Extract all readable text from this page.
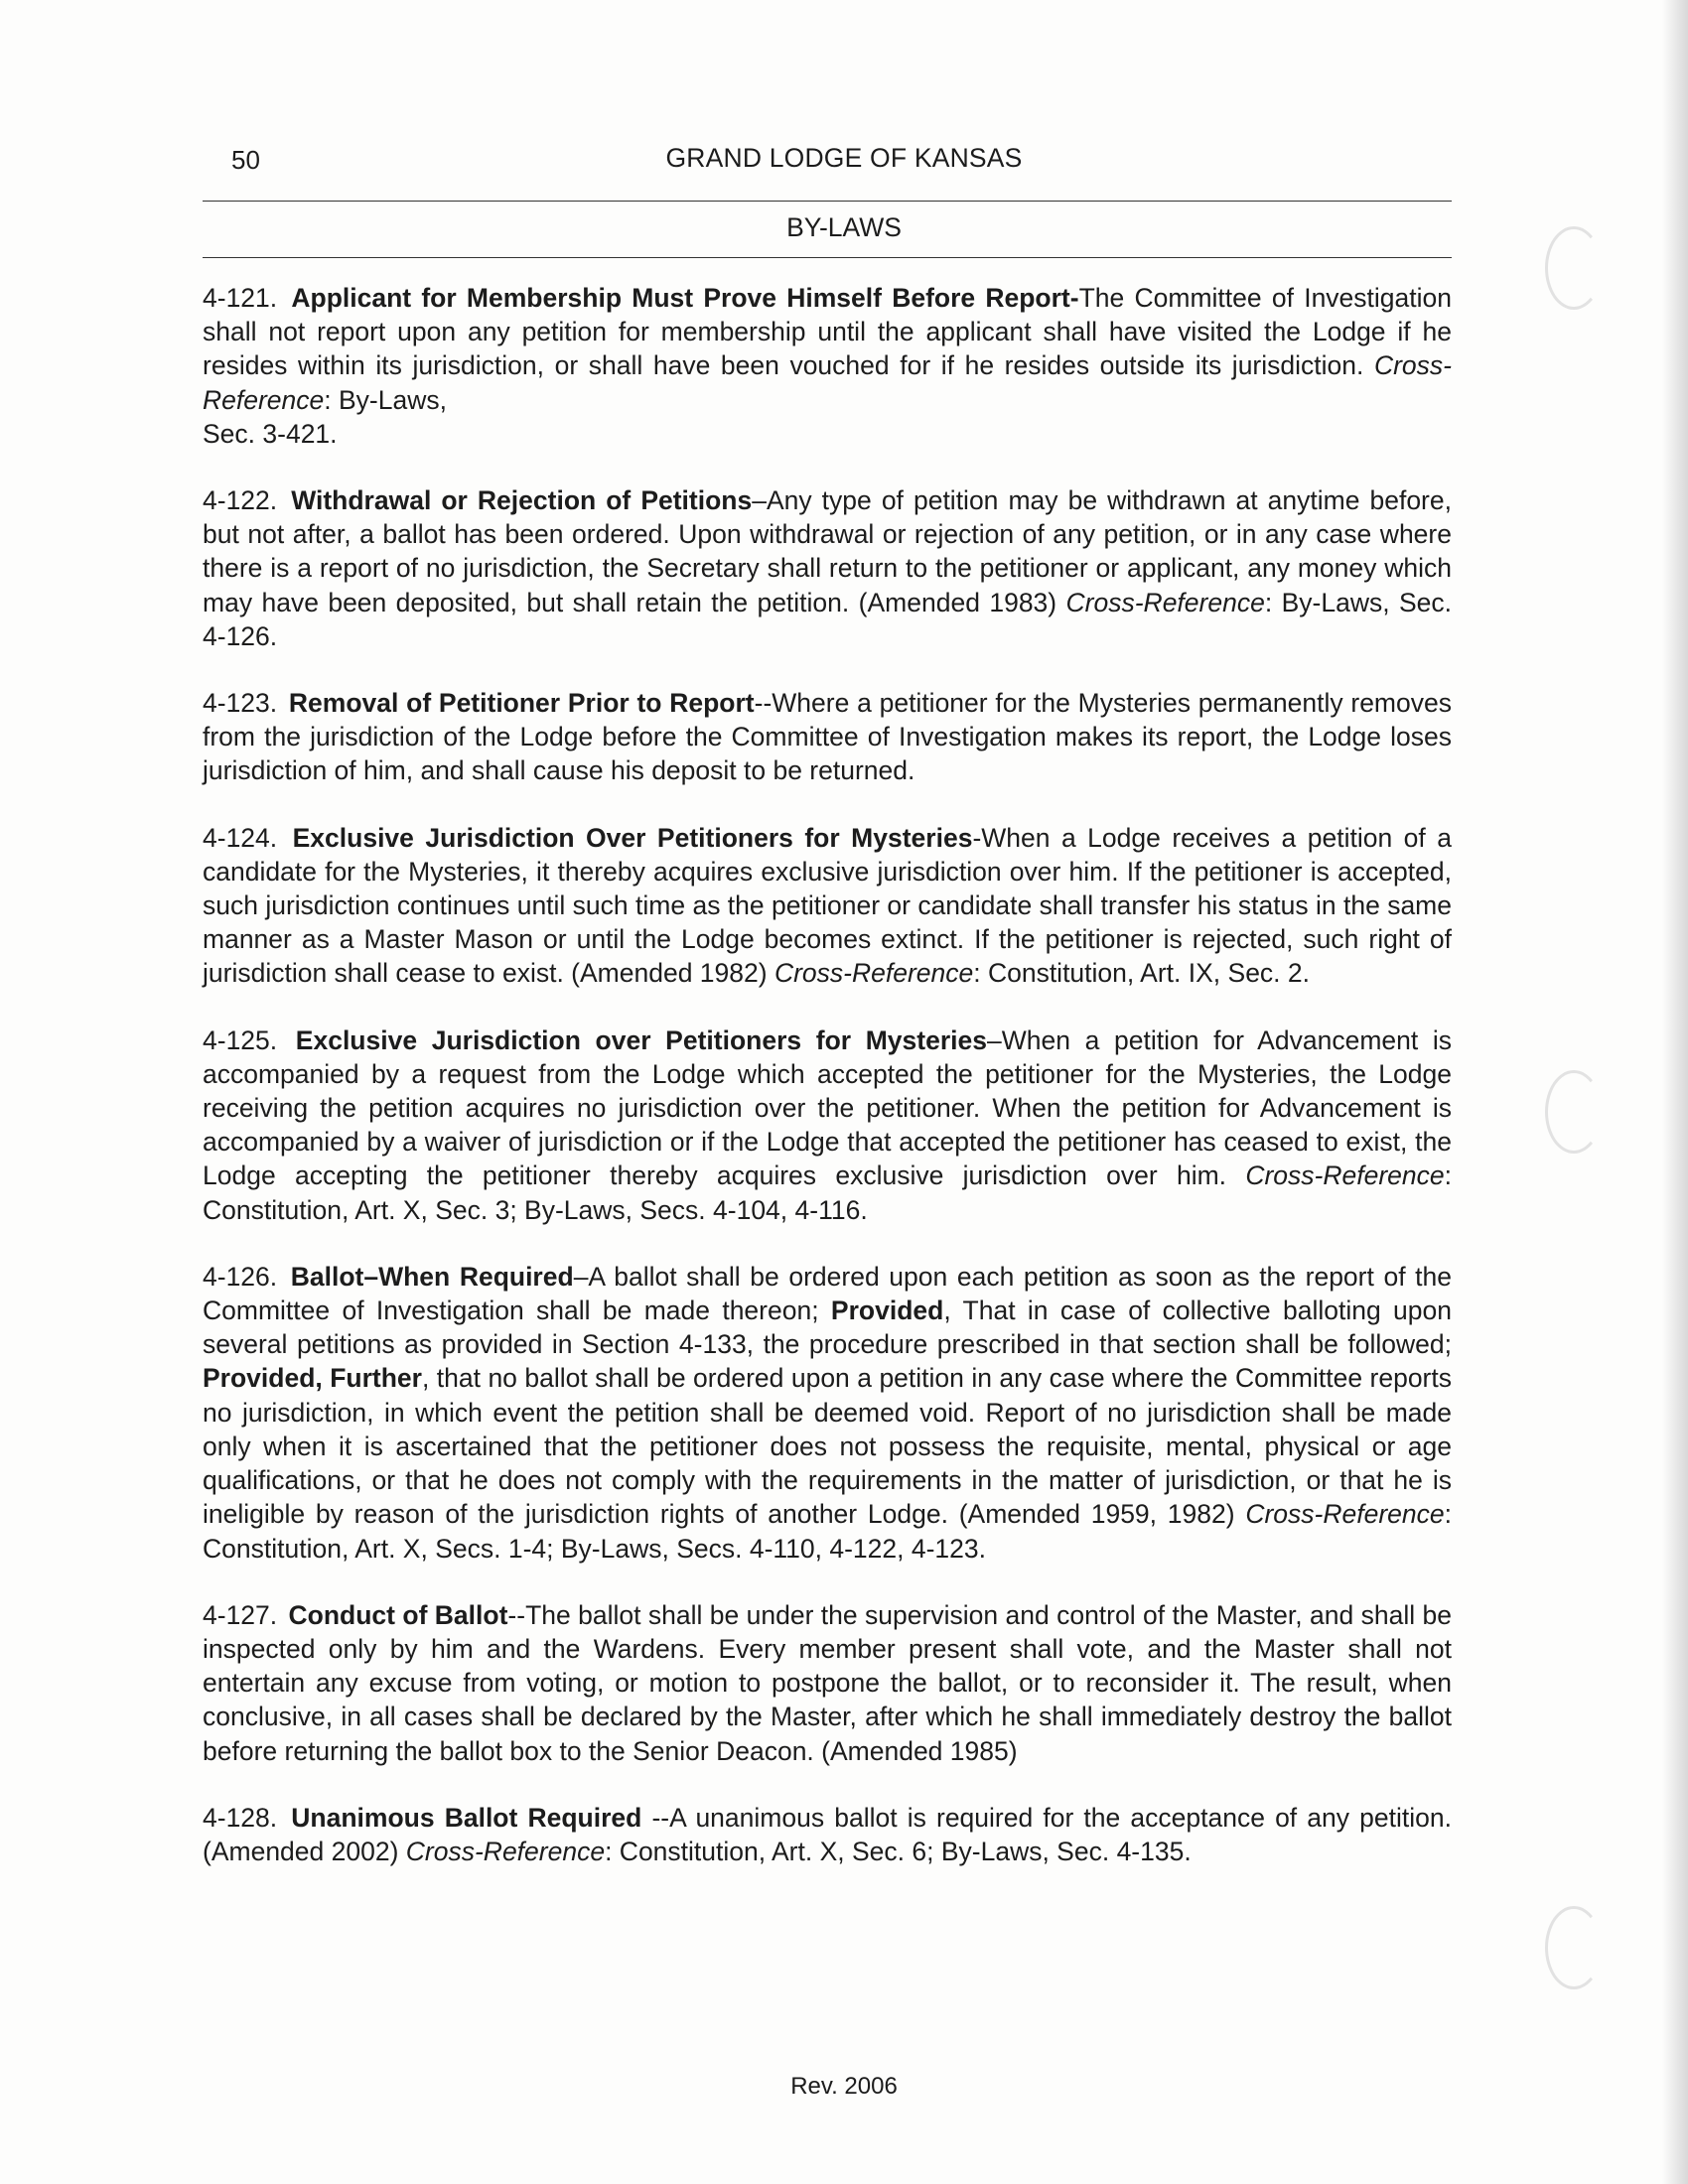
50	GRAND LODGE OF KANSAS
BY-LAWS

4-121. Applicant for Membership Must Prove Himself Before Report-The Committee of Investigation shall not report upon any petition for membership until the applicant shall have visited the Lodge if he resides within its jurisdiction, or shall have been vouched for if he resides outside its jurisdiction. Cross-Reference: By-Laws,
Sec. 3-421.

4-122. Withdrawal or Rejection of Petitions–Any type of petition may be withdrawn at anytime before, but not after, a ballot has been ordered. Upon withdrawal or rejection of any petition, or in any case where there is a report of no jurisdiction, the Secretary shall return to the petitioner or applicant, any money which may have been deposited, but shall retain the petition. (Amended 1983) Cross-Reference: By-Laws, Sec. 4-126.

4-123. Removal of Petitioner Prior to Report--Where a petitioner for the Mysteries permanently removes from the jurisdiction of the Lodge before the Committee of Investigation makes its report, the Lodge loses jurisdiction of him, and shall cause his deposit to be returned.

4-124. Exclusive Jurisdiction Over Petitioners for Mysteries-When a Lodge receives a petition of a candidate for the Mysteries, it thereby acquires exclusive jurisdiction over him. If the petitioner is accepted, such jurisdiction continues until such time as the petitioner or candidate shall transfer his status in the same manner as a Master Mason or until the Lodge becomes extinct. If the petitioner is rejected, such right of jurisdiction shall cease to exist. (Amended 1982) Cross-Reference: Constitution, Art. IX, Sec. 2.

4-125. Exclusive Jurisdiction over Petitioners for Mysteries–When a petition for Advancement is accompanied by a request from the Lodge which accepted the petitioner for the Mysteries, the Lodge receiving the petition acquires no jurisdiction over the petitioner. When the petition for Advancement is accompanied by a waiver of jurisdiction or if the Lodge that accepted the petitioner has ceased to exist, the Lodge accepting the petitioner thereby acquires exclusive jurisdiction over him. Cross-Reference: Constitution, Art. X, Sec. 3; By-Laws, Secs. 4-104, 4-116.

4-126. Ballot–When Required–A ballot shall be ordered upon each petition as soon as the report of the Committee of Investigation shall be made thereon; Provided, That in case of collective balloting upon several petitions as provided in Section 4-133, the procedure prescribed in that section shall be followed; Provided, Further, that no ballot shall be ordered upon a petition in any case where the Committee reports no jurisdiction, in which event the petition shall be deemed void. Report of no jurisdiction shall be made only when it is ascertained that the petitioner does not possess the requisite, mental, physical or age qualifications, or that he does not comply with the requirements in the matter of jurisdiction, or that he is ineligible by reason of the jurisdiction rights of another Lodge. (Amended 1959, 1982) Cross-Reference: Constitution, Art. X, Secs. 1-4; By-Laws, Secs. 4-110, 4-122, 4-123.

4-127. Conduct of Ballot--The ballot shall be under the supervision and control of the Master, and shall be inspected only by him and the Wardens. Every member present shall vote, and the Master shall not entertain any excuse from voting, or motion to postpone the ballot, or to reconsider it. The result, when conclusive, in all cases shall be declared by the Master, after which he shall immediately destroy the ballot before returning the ballot box to the Senior Deacon. (Amended 1985)

4-128. Unanimous Ballot Required --A unanimous ballot is required for the acceptance of any petition. (Amended 2002) Cross-Reference: Constitution, Art. X, Sec. 6; By-Laws, Sec. 4-135.

Rev. 2006
